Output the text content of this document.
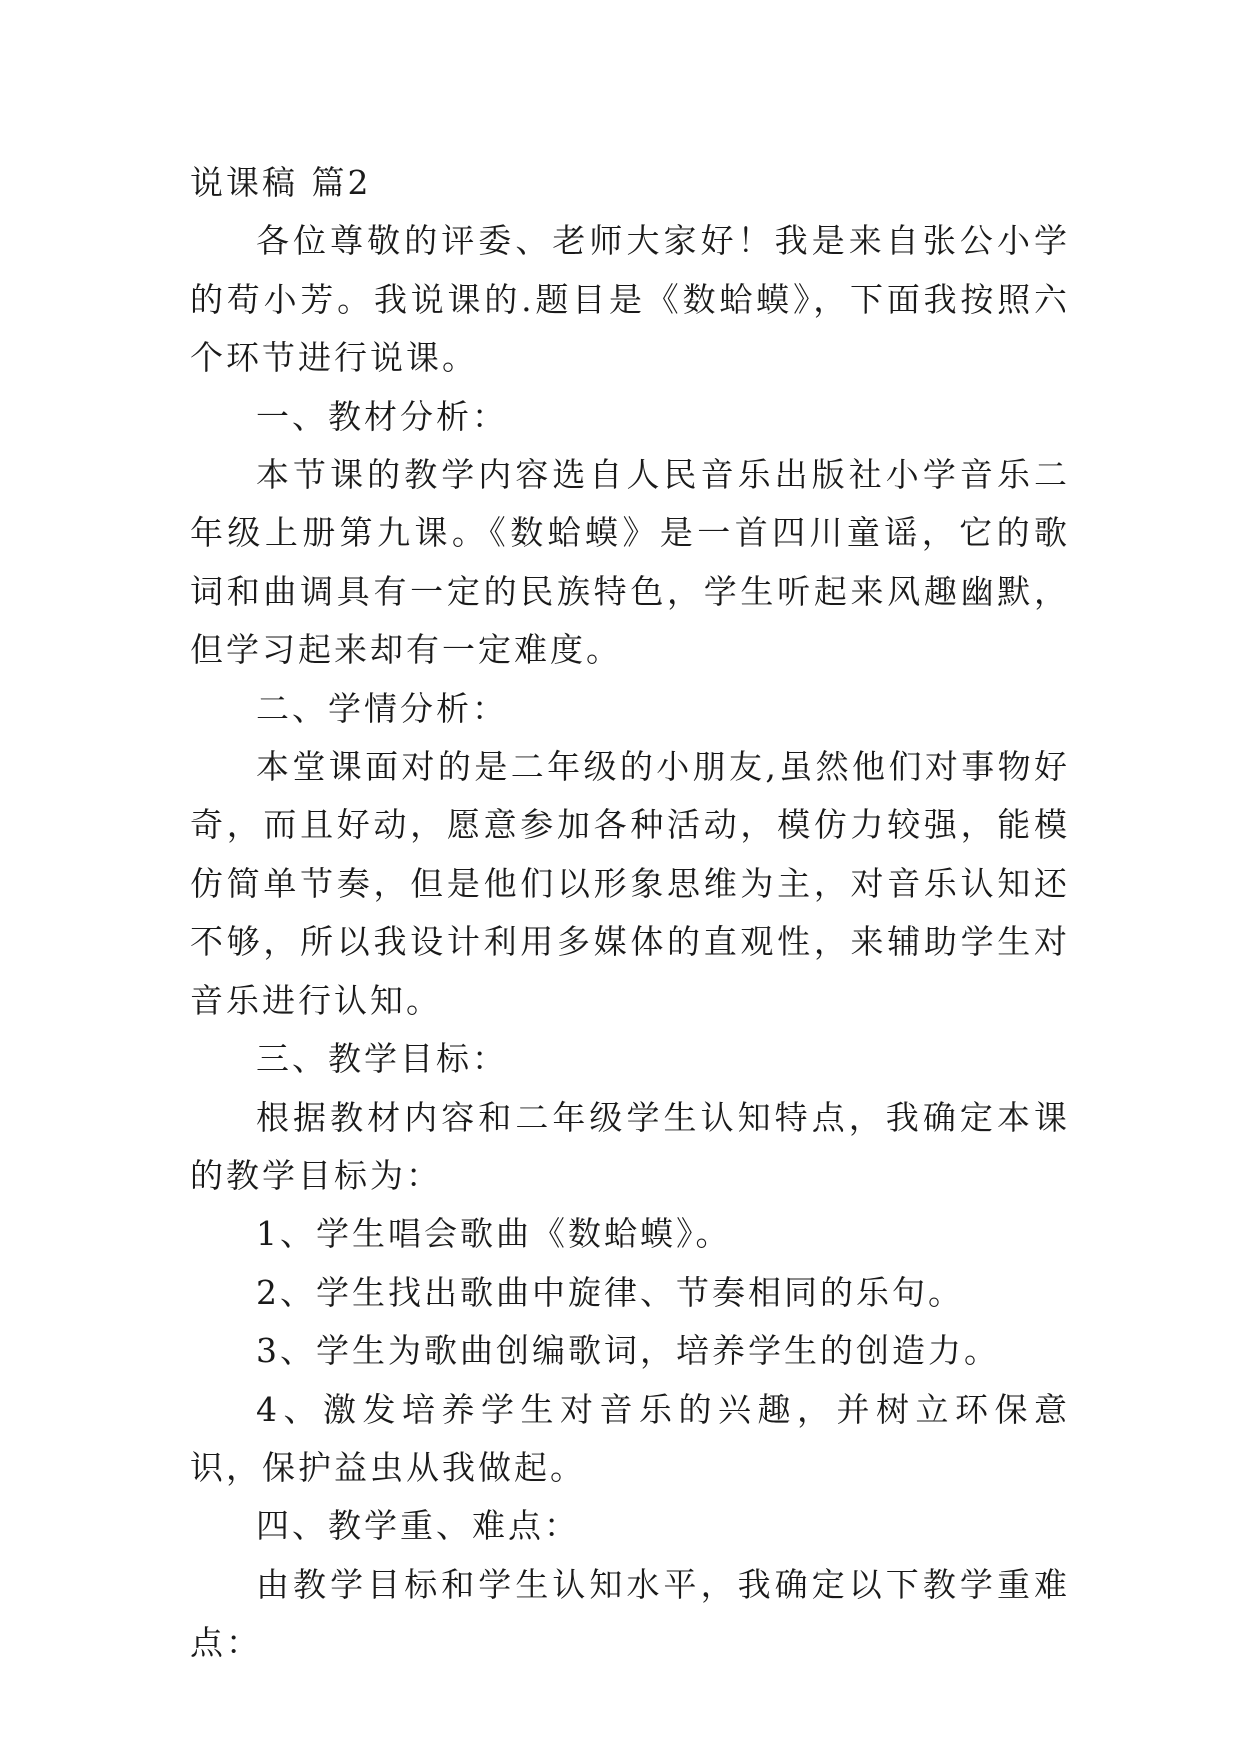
说课稿 篇2
各位尊敬的评委、老师大家好！我是来自张公小学的苟小芳。我说课的.题目是《数蛤蟆》，下面我按照六个环节进行说课。
一、教材分析：
本节课的教学内容选自人民音乐出版社小学音乐二年级上册第九课。《数蛤蟆》是一首四川童谣，它的歌词和曲调具有一定的民族特色，学生听起来风趣幽默，但学习起来却有一定难度。
二、学情分析：
本堂课面对的是二年级的小朋友,虽然他们对事物好奇，而且好动，愿意参加各种活动，模仿力较强，能模仿简单节奏，但是他们以形象思维为主，对音乐认知还不够，所以我设计利用多媒体的直观性，来辅助学生对音乐进行认知。
三、教学目标：
根据教材内容和二年级学生认知特点，我确定本课的教学目标为：
1、学生唱会歌曲《数蛤蟆》。
2、学生找出歌曲中旋律、节奏相同的乐句。
3、学生为歌曲创编歌词，培养学生的创造力。
4、激发培养学生对音乐的兴趣，并树立环保意识，保护益虫从我做起。
四、教学重、难点：
由教学目标和学生认知水平，我确定以下教学重难点：
